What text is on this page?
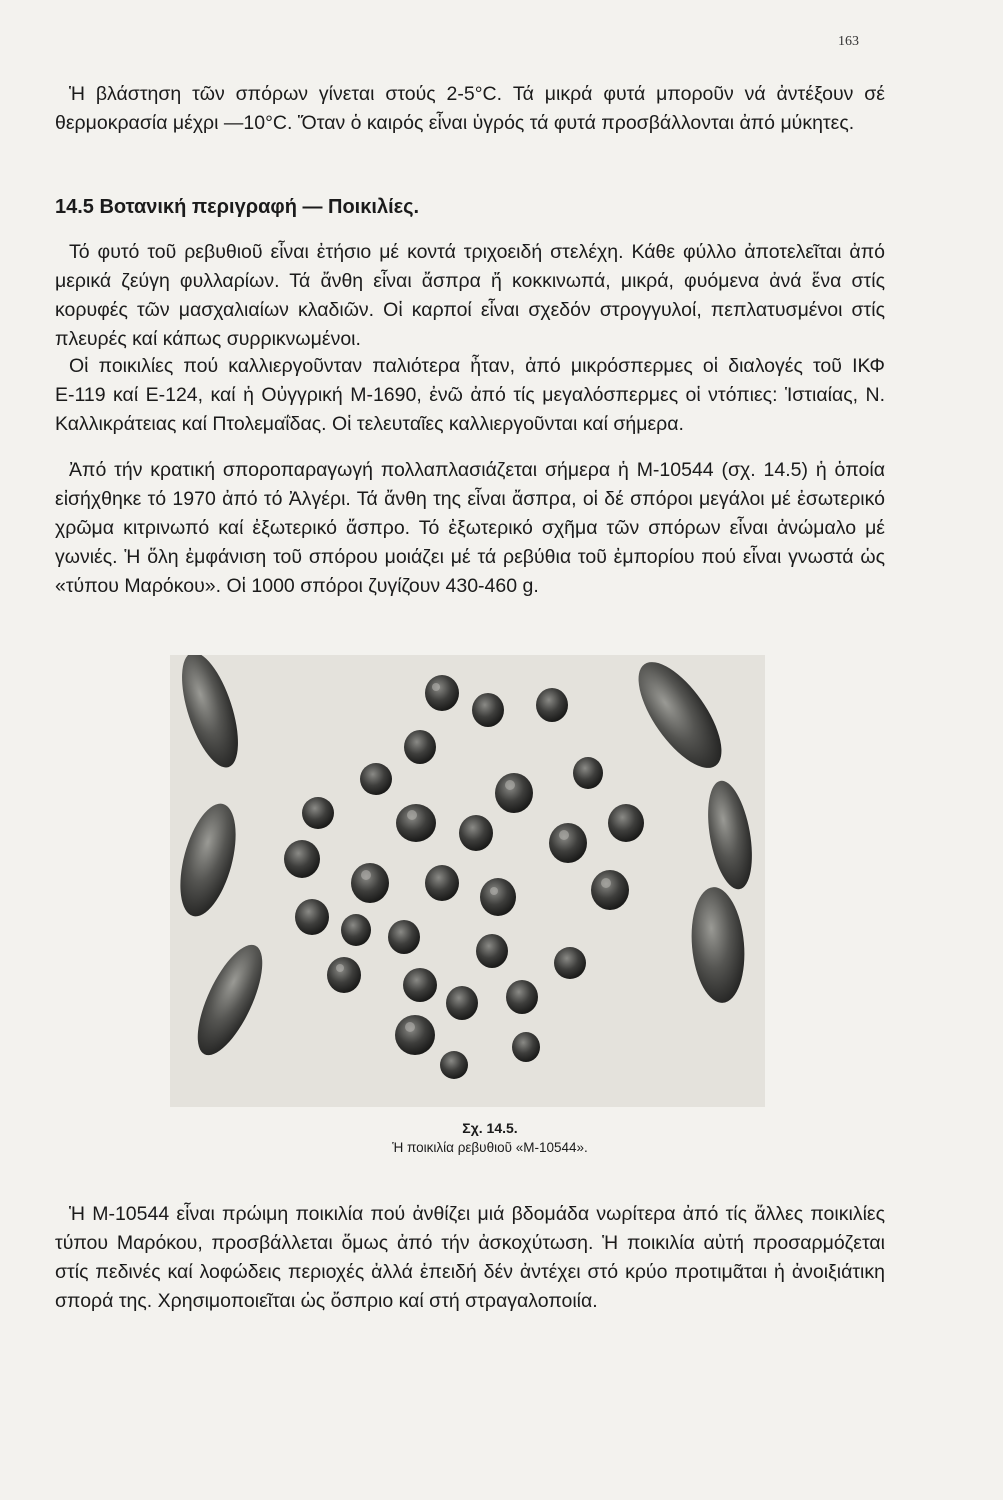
163

Ἡ βλάστηση τῶν σπόρων γίνεται στούς 2-5°C. Τά μικρά φυτά μποροῦν νά ἀντέξουν σέ θερμοκρασία μέχρι —10°C. Ὅταν ὁ καιρός εἶναι ὑγρός τά φυτά προσβάλλονται ἀπό μύκητες.

14.5 Βοτανική περιγραφή — Ποικιλίες.

Τό φυτό τοῦ ρεβυθιοῦ εἶναι ἐτήσιο μέ κοντά τριχοειδή στελέχη. Κάθε φύλλο ἀποτελεῖται ἀπό μερικά ζεύγη φυλλαρίων. Τά ἄνθη εἶναι ἄσπρα ἤ κοκκινωπά, μικρά, φυόμενα ἀνά ἕνα στίς κορυφές τῶν μασχαλιαίων κλαδιῶν. Οἱ καρποί εἶναι σχεδόν στρογγυλοί, πεπλατυσμένοι στίς πλευρές καί κάπως συρρικνωμένοι.

Οἱ ποικιλίες πού καλλιεργοῦνταν παλιότερα ἦταν, ἀπό μικρόσπερμες οἱ διαλογές τοῦ ΙΚΦ Ε-119 καί Ε-124, καί ἡ Οὐγγρική Μ-1690, ἐνῶ ἀπό τίς μεγαλόσπερμες οἱ ντόπιες: Ἱστιαίας, Ν. Καλλικράτειας καί Πτολεμαΐδας. Οἱ τελευταῖες καλλιεργοῦνται καί σήμερα.

Ἀπό τήν κρατική σποροπαραγωγή πολλαπλασιάζεται σήμερα ἡ Μ-10544 (σχ. 14.5) ἡ ὁποία εἰσήχθηκε τό 1970 ἀπό τό Ἀλγέρι. Τά ἄνθη της εἶναι ἄσπρα, οἱ δέ σπόροι μεγάλοι μέ ἐσωτερικό χρῶμα κιτρινωπό καί ἐξωτερικό ἄσπρο. Τό ἐξωτερικό σχῆμα τῶν σπόρων εἶναι ἀνώμαλο μέ γωνιές. Ἡ ὅλη ἐμφάνιση τοῦ σπόρου μοιάζει μέ τά ρεβύθια τοῦ ἐμπορίου πού εἶναι γνωστά ὡς «τύπου Μαρόκου». Οἱ 1000 σπόροι ζυγίζουν 430-460 g.

Σχ. 14.5.
Ἡ ποικιλία ρεβυθιοῦ «Μ-10544».

Ἡ Μ-10544 εἶναι πρώιμη ποικιλία πού ἀνθίζει μιά βδομάδα νωρίτερα ἀπό τίς ἄλλες ποικιλίες τύπου Μαρόκου, προσβάλλεται ὅμως ἀπό τήν ἀσκοχύτωση. Ἡ ποικιλία αὐτή προσαρμόζεται στίς πεδινές καί λοφώδεις περιοχές ἀλλά ἐπειδή δέν ἀντέχει στό κρύο προτιμᾶται ἡ ἀνοιξιάτικη σπορά της. Χρησιμοποιεῖται ὡς ὄσπριο καί στή στραγαλοποιία.
